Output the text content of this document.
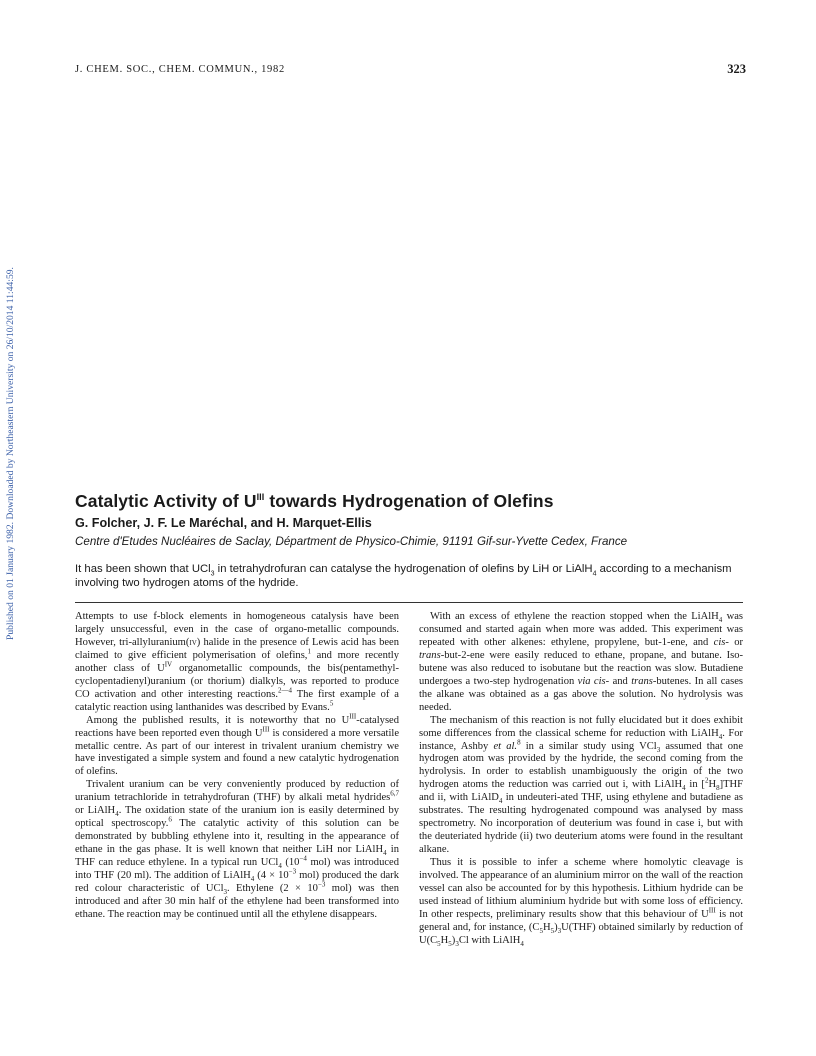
Published on 01 January 1982. Downloaded by Northeastern University on 26/10/2014 11:44:59.
J. CHEM. SOC., CHEM. COMMUN., 1982	323
Catalytic Activity of $U^{III}$ towards Hydrogenation of Olefins
G. Folcher, J. F. Le Maréchal, and H. Marquet-Ellis
Centre d'Etudes Nucléaires de Saclay, Départment de Physico-Chimie, 91191 Gif-sur-Yvette Cedex, France
It has been shown that UCl$_3$ in tetrahydrofuran can catalyse the hydrogenation of olefins by LiH or LiAlH$_4$ according to a mechanism involving two hydrogen atoms of the hydride.

Attempts to use f-block elements in homogeneous catalysis have been largely unsuccessful, even in the case of organo-metallic compounds. However, tri-allyluranium(iv) halide in the presence of Lewis acid has been claimed to give efficient polymerisation of olefins,$^1$ and more recently another class of $U^{IV}$ organometallic compounds, the bis(pentamethyl-cyclopentadienyl)uranium (or thorium) dialkyls, was reported to produce CO activation and other interesting reactions.$^{2—4}$ The first example of a catalytic reaction using lanthanides was described by Evans.$^5$

Among the published results, it is noteworthy that no $U^{III}$-catalysed reactions have been reported even though $U^{III}$ is considered a more versatile metallic centre. As part of our interest in trivalent uranium chemistry we have investigated a simple system and found a new catalytic hydrogenation of olefins.

Trivalent uranium can be very conveniently produced by reduction of uranium tetrachloride in tetrahydrofuran (THF) by alkali metal hydrides$^{6,7}$ or LiAlH$_4$. The oxidation state of the uranium ion is easily determined by optical spectroscopy.$^6$ The catalytic activity of this solution can be demonstrated by bubbling ethylene into it, resulting in the appearance of ethane in the gas phase. It is well known that neither LiH nor LiAlH$_4$ in THF can reduce ethylene. In a typical run UCl$_4$ ($10^{-4}$ mol) was introduced into THF (20 ml). The addition of LiAlH$_4$ ($4 \times 10^{-3}$ mol) produced the dark red colour characteristic of UCl$_3$. Ethylene ($2 \times 10^{-3}$ mol) was then introduced and after 30 min half of the ethylene had been transformed into ethane. The reaction may be continued until all the ethylene disappears.

With an excess of ethylene the reaction stopped when the LiAlH$_4$ was consumed and started again when more was added. This experiment was repeated with other alkenes: ethylene, propylene, but-1-ene, and cis- or trans-but-2-ene were easily reduced to ethane, propane, and butane. Iso-butene was also reduced to isobutane but the reaction was slow. Butadiene undergoes a two-step hydrogenation via cis- and trans-butenes. In all cases the alkane was obtained as a gas above the solution. No hydrolysis was needed.

The mechanism of this reaction is not fully elucidated but it does exhibit some differences from the classical scheme for reduction with LiAlH$_4$. For instance, Ashby et al.$^8$ in a similar study using VCl$_3$ assumed that one hydrogen atom was provided by the hydride, the second coming from the hydrolysis. In order to establish unambiguously the origin of the two hydrogen atoms the reduction was carried out i, with LiAlH$_4$ in $[^2H_8]THF$ and ii, with LiAlD$_4$ in undeuteri-ated THF, using ethylene and butadiene as substrates. The resulting hydrogenated compound was analysed by mass spectrometry. No incorporation of deuterium was found in case i, but with the deuteriated hydride (ii) two deuterium atoms were found in the resultant alkane.

Thus it is possible to infer a scheme where homolytic cleavage is involved. The appearance of an aluminium mirror on the wall of the reaction vessel can also be accounted for by this hypothesis. Lithium hydride can be used instead of lithium aluminium hydride but with some loss of efficiency. In other respects, preliminary results show that this behaviour of $U^{III}$ is not general and, for instance, $(C_5H_5)_3U(THF)$ obtained similarly by reduction of $U(C_5H_5)_3Cl$ with LiAlH$_4$
